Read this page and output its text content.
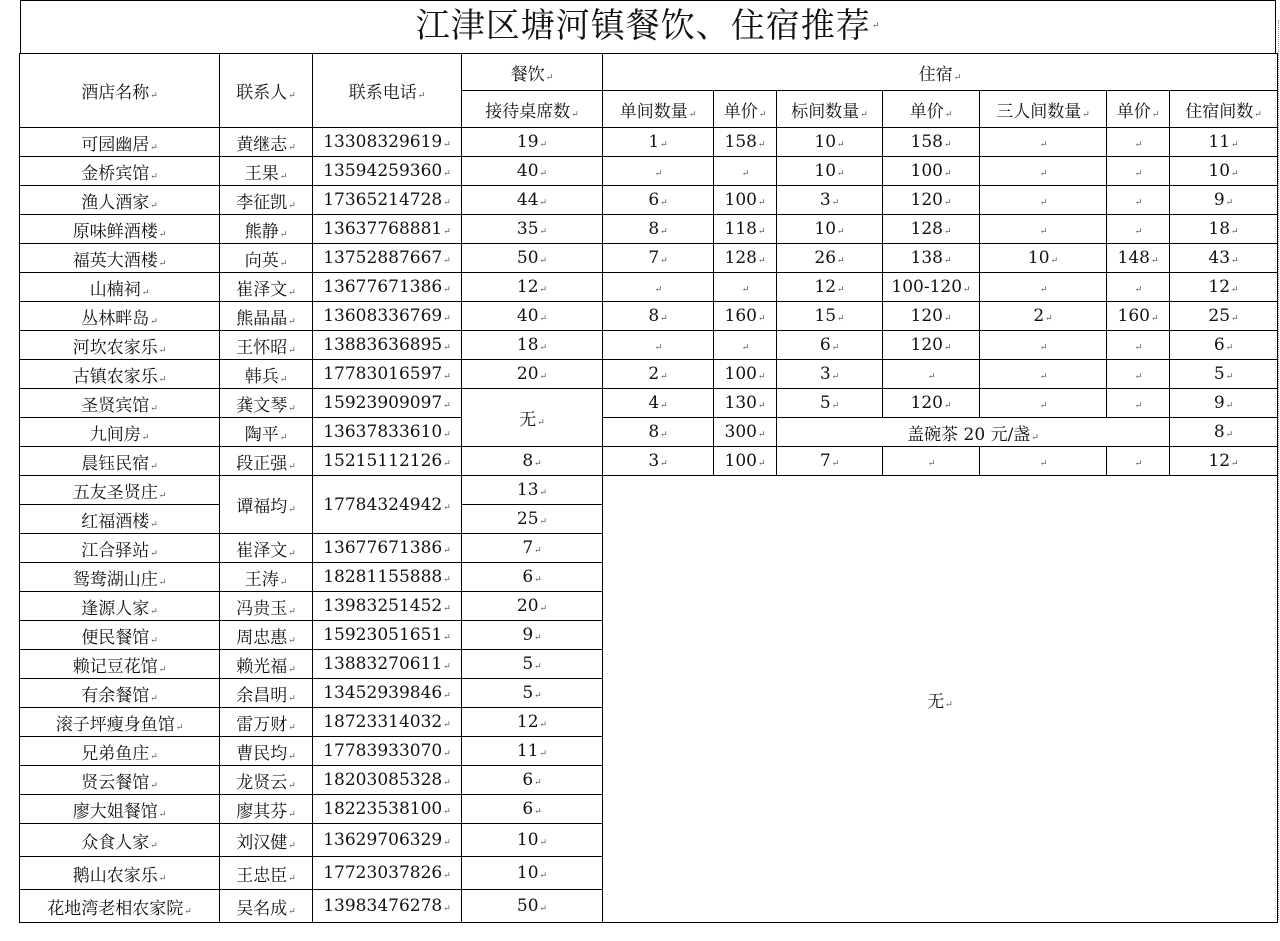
江津区塘河镇餐饮、住宿推荐↵
酒店名称↵	联系人↵	联系电话↵	餐饮↵	住宿↵						
			接待桌席数↵	单间数量↵	单价↵	标间数量↵	单价↵	三人间数量↵	单价↵	住宿间数↵
可园幽居↵	黄继志↵	13308329619↵	19↵	1↵	158↵	10↵	158↵	↵	↵	11↵
金桥宾馆↵	王果↵	13594259360↵	40↵	↵	↵	10↵	100↵	↵	↵	10↵
渔人酒家↵	李征凯↵	17365214728↵	44↵	6↵	100↵	3↵	120↵	↵	↵	9↵
原味鲜酒楼↵	熊静↵	13637768881↵	35↵	8↵	118↵	10↵	128↵	↵	↵	18↵
福英大酒楼↵	向英↵	13752887667↵	50↵	7↵	128↵	26↵	138↵	10↵	148↵	43↵
山楠祠↵	崔泽文↵	13677671386↵	12↵	↵	↵	12↵	100-120↵	↵	↵	12↵
丛林畔岛↵	熊晶晶↵	13608336769↵	40↵	8↵	160↵	15↵	120↵	2↵	160↵	25↵
河坎农家乐↵	王怀昭↵	13883636895↵	18↵	↵	↵	6↵	120↵	↵	↵	6↵
古镇农家乐↵	韩兵↵	17783016597↵	20↵	2↵	100↵	3↵	↵	↵	↵	5↵
圣贤宾馆↵	龚文琴↵	15923909097↵	无↵	4↵	130↵	5↵	120↵	↵	↵	9↵
九间房↵	陶平↵	13637833610↵		8↵	300↵	盖碗茶 20 元/盏↵				8↵
晨钰民宿↵	段正强↵	15215112126↵	8↵	3↵	100↵	7↵	↵	↵	↵	12↵
五友圣贤庄↵	谭福均↵	17784324942↵	13↵	无↵						
红福酒楼↵			25↵							
江合驿站↵	崔泽文↵	13677671386↵	7↵							
鸳鸯湖山庄↵	王涛↵	18281155888↵	6↵							
逢源人家↵	冯贵玉↵	13983251452↵	20↵							
便民餐馆↵	周忠惠↵	15923051651↵	9↵							
赖记豆花馆↵	赖光福↵	13883270611↵	5↵							
有余餐馆↵	余昌明↵	13452939846↵	5↵							
滚子坪瘦身鱼馆↵	雷万财↵	18723314032↵	12↵							
兄弟鱼庄↵	曹民均↵	17783933070↵	11↵							
贤云餐馆↵	龙贤云↵	18203085328↵	6↵							
廖大姐餐馆↵	廖其芬↵	18223538100↵	6↵							
众食人家↵	刘汉健↵	13629706329↵	10↵							
鹅山农家乐↵	王忠臣↵	17723037826↵	10↵							
花地湾老相农家院↵	吴名成↵	13983476278↵	50↵							
